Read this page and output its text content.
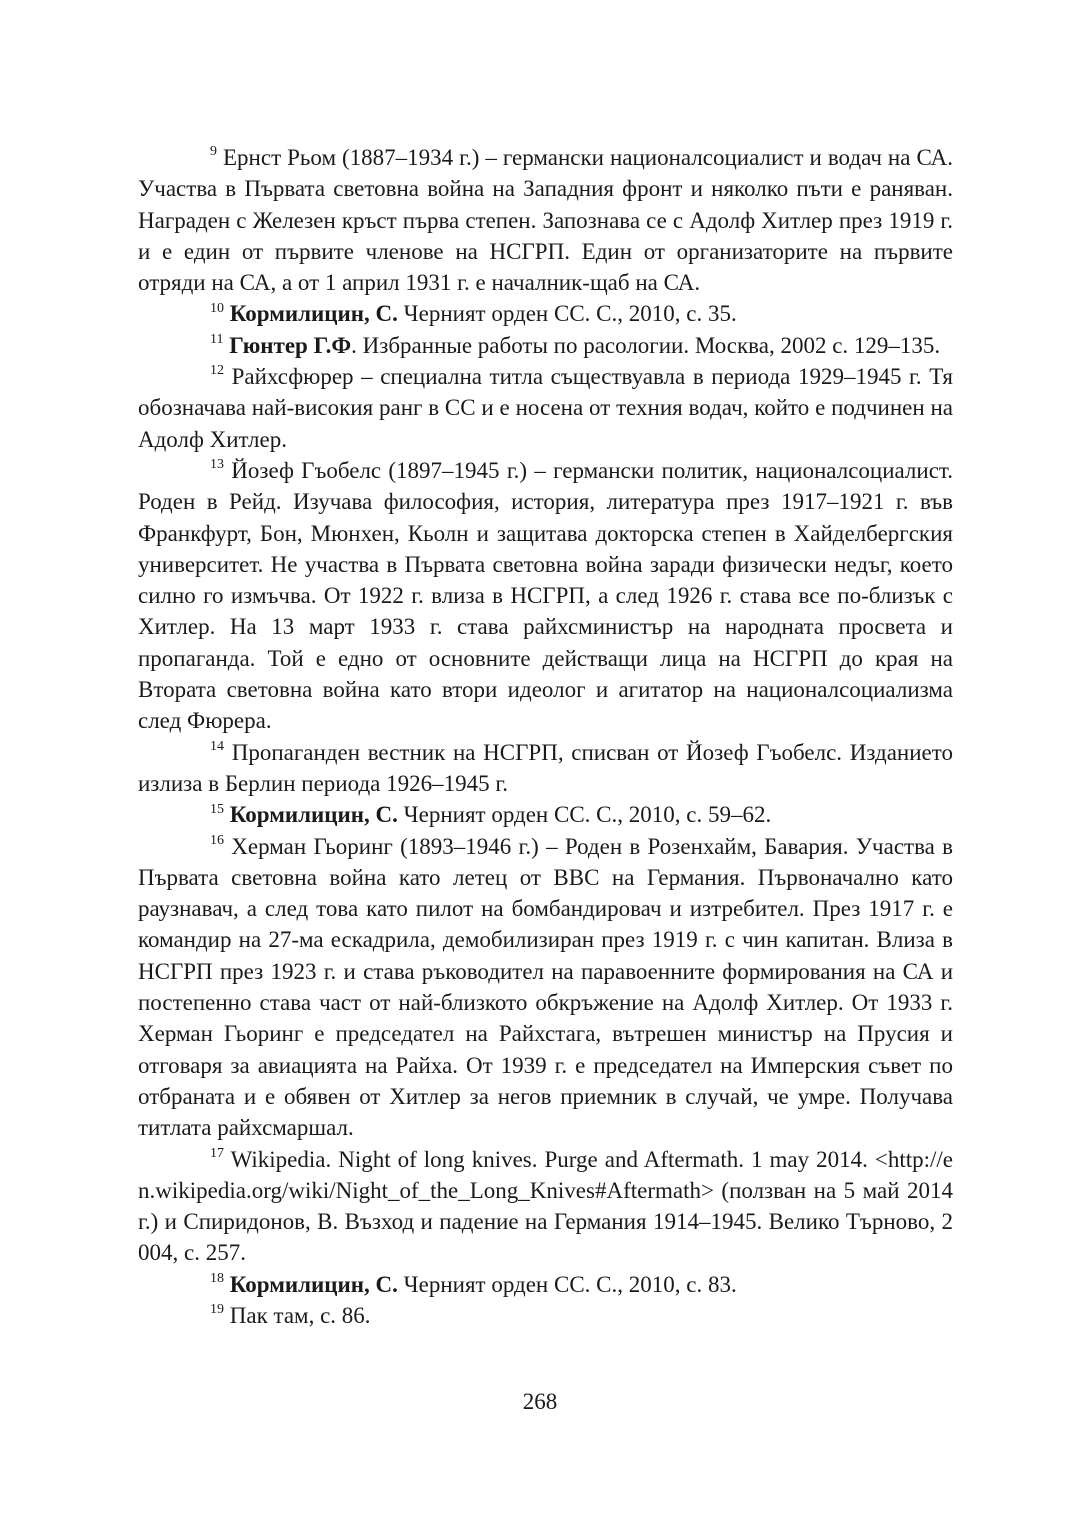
$^9$ Ернст Рьом (1887–1934 г.) – германски националсоциалист и водач на СА. Участва в Първата световна война на Западния фронт и няколко пъти е раняван. Награден с Железен кръст първа степен. Запознава се с Адолф Хитлер през 1919 г. и е един от първите членове на НСГРП. Един от организаторите на първите отряди на СА, а от 1 април 1931 г. е началник-щаб на СА.

$^{10}$ Кормилицин, С. Черният орден СС. С., 2010, с. 35.

$^{11}$ Гюнтер Г.Ф. Избранные работы по расологии. Москва, 2002 с. 129–135.

$^{12}$ Райхсфюрер – специална титла съществуавла в периода 1929–1945 г. Тя обозначава най-високия ранг в СС и е носена от техния водач, който е подчинен на Адолф Хитлер.

$^{13}$ Йозеф Гъобелс (1897–1945 г.) – германски политик, националсоциалист. Роден в Рейд. Изучава философия, история, литература през 1917–1921 г. във Франкфурт, Бон, Мюнхен, Кьолн и защитава докторска степен в Хайделбергския университет. Не участва в Първата световна война заради физически недъг, което силно го измъчва. От 1922 г. влиза в НСГРП, а след 1926 г. става все по-близък с Хитлер. На 13 март 1933 г. става райхсминистър на народната просвета и пропаганда. Той е едно от основните действащи лица на НСГРП до края на Втората световна война като втори идеолог и агитатор на националсоциализма след Фюрера.

$^{14}$ Пропаганден вестник на НСГРП, списван от Йозеф Гъобелс. Изданието излиза в Берлин периода 1926–1945 г.

$^{15}$ Кормилицин, С. Черният орден СС. С., 2010, с. 59–62.

$^{16}$ Херман Гьоринг (1893–1946 г.) – Роден в Розенхайм, Бавария. Участва в Първата световна война като летец от ВВС на Германия. Първоначално като раузнавач, а след това като пилот на бомбандировач и изтребител. През 1917 г. е командир на 27-ма ескадрила, демобилизиран през 1919 г. с чин капитан. Влиза в НСГРП през 1923 г. и става ръководител на паравоенните формирования на СА и постепенно става част от най-близкото обкръжение на Адолф Хитлер. От 1933 г. Херман Гьоринг е председател на Райхстага, вътрешен министър на Прусия и отговаря за авиацията на Райха. От 1939 г. е председател на Имперския съвет по отбраната и е обявен от Хитлер за негов приемник в случай, че умре. Получава титлата райхсмаршал.

$^{17}$ Wikipedia. Night of long knives. Purge and Aftermath. 1 may 2014. <http://en.wikipedia.org/wiki/Night_of_the_Long_Knives#Aftermath> (ползван на 5 май 2014 г.) и Спиридонов, В. Възход и падение на Германия 1914–1945. Велико Търново, 2004, с. 257.

$^{18}$ Кормилицин, С. Черният орден СС. С., 2010, с. 83.

$^{19}$ Пак там, с. 86.

268
